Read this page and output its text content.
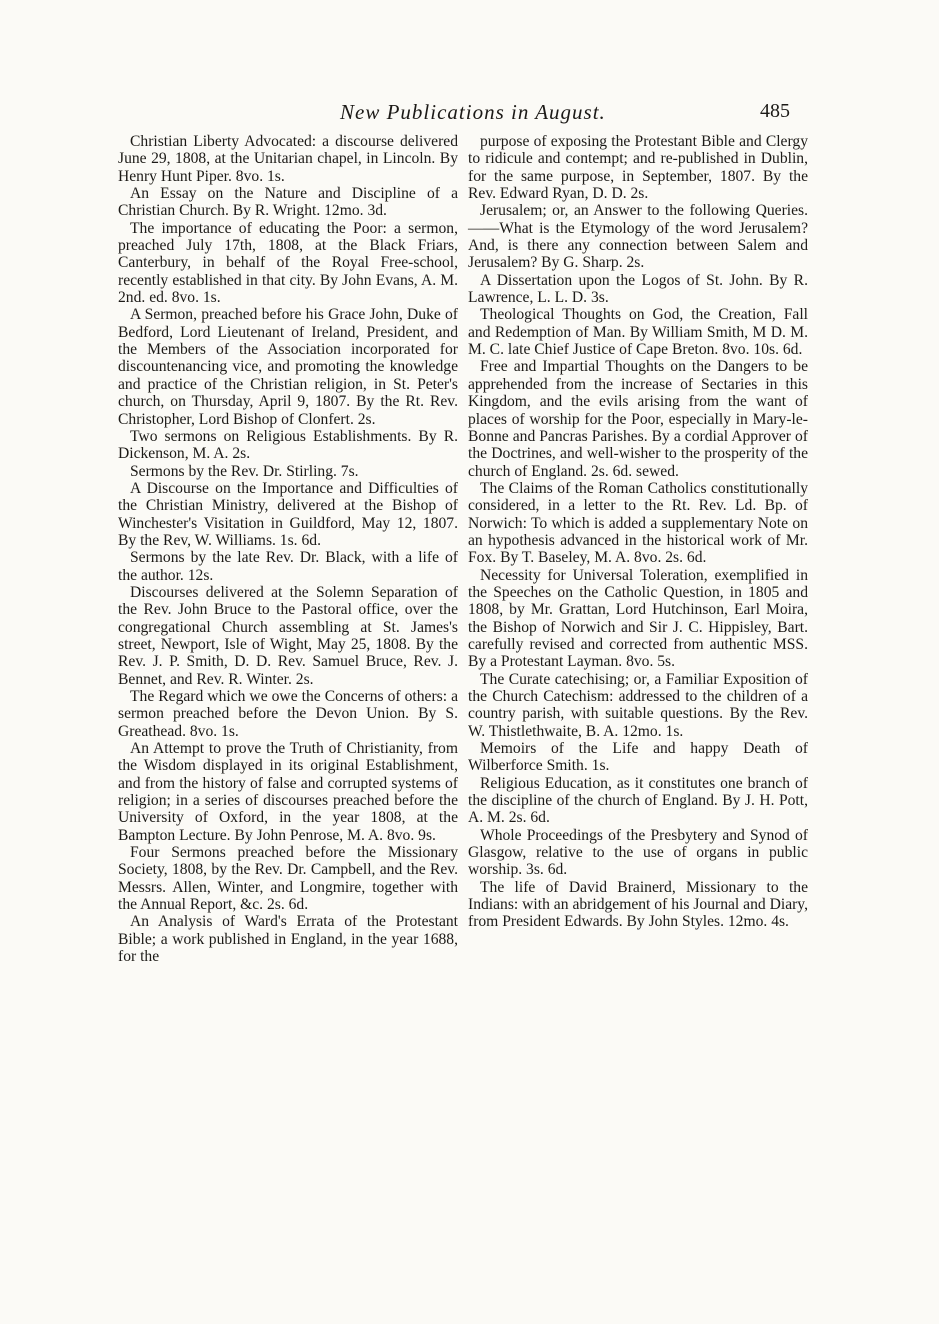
New Publications in August.	485

Christian Liberty Advocated: a discourse delivered June 29, 1808, at the Unitarian chapel, in Lincoln. By Henry Hunt Piper. 8vo. 1s.

An Essay on the Nature and Discipline of a Christian Church. By R. Wright. 12mo. 3d.

The importance of educating the Poor: a sermon, preached July 17th, 1808, at the Black Friars, Canterbury, in behalf of the Royal Free-school, recently established in that city. By John Evans, A. M. 2nd. ed. 8vo. 1s.

A Sermon, preached before his Grace John, Duke of Bedford, Lord Lieutenant of Ireland, President, and the Members of the Association incorporated for discountenancing vice, and promoting the knowledge and practice of the Christian religion, in St. Peter's church, on Thursday, April 9, 1807. By the Rt. Rev. Christopher, Lord Bishop of Clonfert. 2s.

Two sermons on Religious Establishments. By R. Dickenson, M. A. 2s.

Sermons by the Rev. Dr. Stirling. 7s.

A Discourse on the Importance and Difficulties of the Christian Ministry, delivered at the Bishop of Winchester's Visitation in Guildford, May 12, 1807. By the Rev, W. Williams. 1s. 6d.

Sermons by the late Rev. Dr. Black, with a life of the author. 12s.

Discourses delivered at the Solemn Separation of the Rev. John Bruce to the Pastoral office, over the congregational Church assembling at St. James's street, Newport, Isle of Wight, May 25, 1808. By the Rev. J. P. Smith, D. D. Rev. Samuel Bruce, Rev. J. Bennet, and Rev. R. Winter. 2s.

The Regard which we owe the Concerns of others: a sermon preached before the Devon Union. By S. Greathead. 8vo. 1s.

An Attempt to prove the Truth of Christianity, from the Wisdom displayed in its original Establishment, and from the history of false and corrupted systems of religion; in a series of discourses preached before the University of Oxford, in the year 1808, at the Bampton Lecture. By John Penrose, M. A. 8vo. 9s.

Four Sermons preached before the Missionary Society, 1808, by the Rev. Dr. Campbell, and the Rev. Messrs. Allen, Winter, and Longmire, together with the Annual Report, &c. 2s. 6d.

An Analysis of Ward's Errata of the Protestant Bible; a work published in England, in the year 1688, for the

purpose of exposing the Protestant Bible and Clergy to ridicule and contempt; and re-published in Dublin, for the same purpose, in September, 1807. By the Rev. Edward Ryan, D. D. 2s.

Jerusalem; or, an Answer to the following Queries.——What is the Etymology of the word Jerusalem? And, is there any connection between Salem and Jerusalem? By G. Sharp. 2s.

A Dissertation upon the Logos of St. John. By R. Lawrence, L. L. D. 3s.

Theological Thoughts on God, the Creation, Fall and Redemption of Man. By William Smith, M D. M. M. C. late Chief Justice of Cape Breton. 8vo. 10s. 6d.

Free and Impartial Thoughts on the Dangers to be apprehended from the increase of Sectaries in this Kingdom, and the evils arising from the want of places of worship for the Poor, especially in Mary-le-Bonne and Pancras Parishes. By a cordial Approver of the Doctrines, and well-wisher to the prosperity of the church of England. 2s. 6d. sewed.

The Claims of the Roman Catholics constitutionally considered, in a letter to the Rt. Rev. Ld. Bp. of Norwich: To which is added a supplementary Note on an hypothesis advanced in the historical work of Mr. Fox. By T. Baseley, M. A. 8vo. 2s. 6d.

Necessity for Universal Toleration, exemplified in the Speeches on the Catholic Question, in 1805 and 1808, by Mr. Grattan, Lord Hutchinson, Earl Moira, the Bishop of Norwich and Sir J. C. Hippisley, Bart. carefully revised and corrected from authentic MSS. By a Protestant Layman. 8vo. 5s.

The Curate catechising; or, a Familiar Exposition of the Church Catechism: addressed to the children of a country parish, with suitable questions. By the Rev. W. Thistlethwaite, B. A. 12mo. 1s.

Memoirs of the Life and happy Death of Wilberforce Smith. 1s.

Religious Education, as it constitutes one branch of the discipline of the church of England. By J. H. Pott, A. M. 2s. 6d.

Whole Proceedings of the Presbytery and Synod of Glasgow, relative to the use of organs in public worship. 3s. 6d.

The life of David Brainerd, Missionary to the Indians: with an abridgement of his Journal and Diary, from President Edwards. By John Styles. 12mo. 4s.
